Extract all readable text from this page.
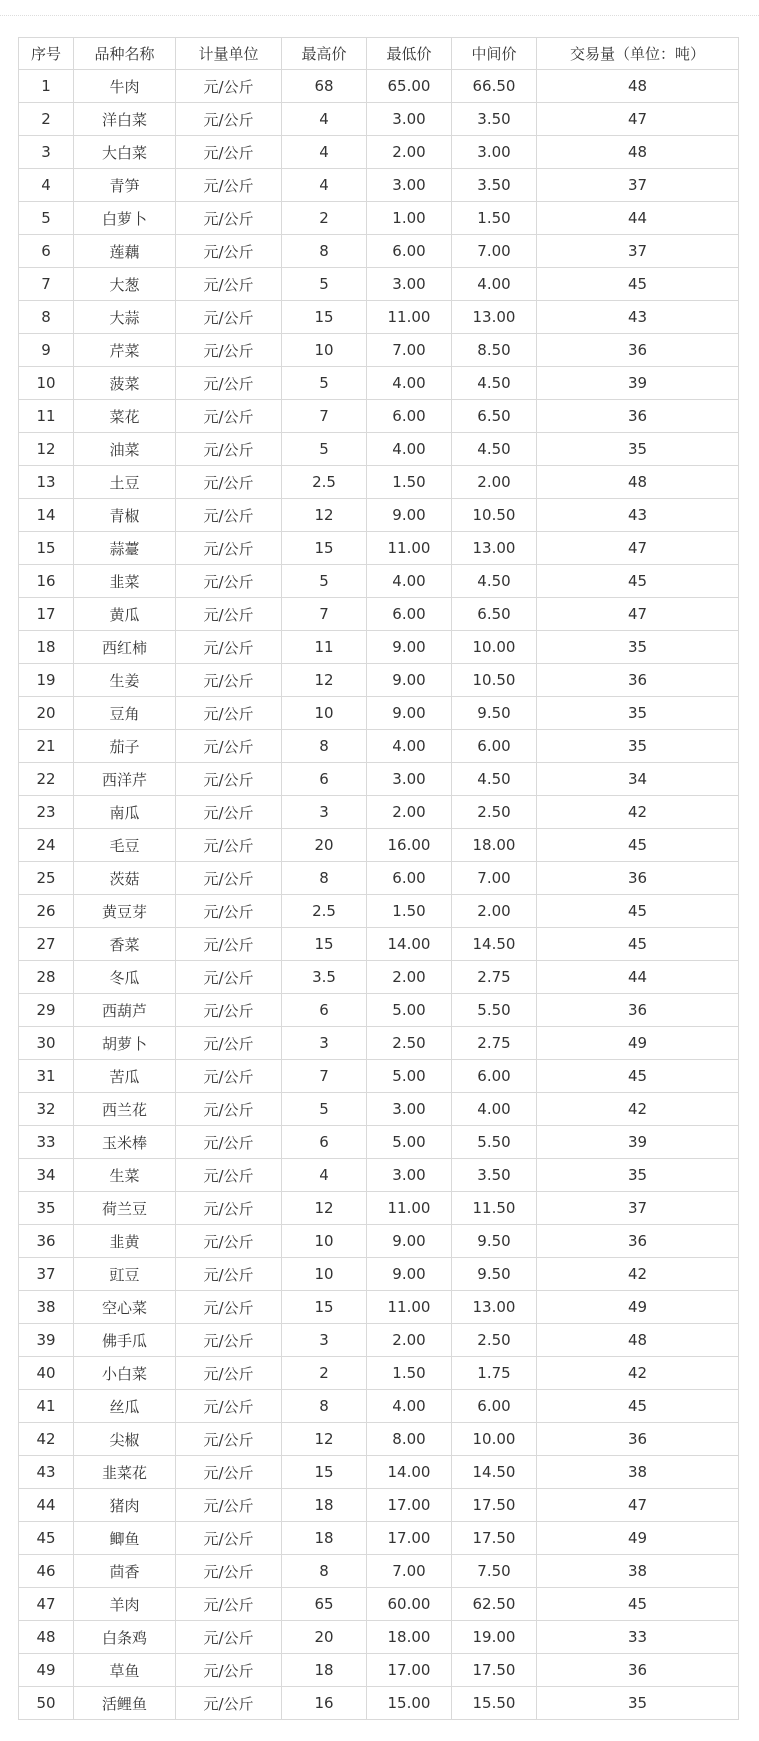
序号	品种名称	计量单位	最高价	最低价	中间价	交易量（单位：吨）
1	牛肉	元/公斤	68	65.00	66.50	48
2	洋白菜	元/公斤	4	3.00	3.50	47
3	大白菜	元/公斤	4	2.00	3.00	48
4	青笋	元/公斤	4	3.00	3.50	37
5	白萝卜	元/公斤	2	1.00	1.50	44
6	莲藕	元/公斤	8	6.00	7.00	37
7	大葱	元/公斤	5	3.00	4.00	45
8	大蒜	元/公斤	15	11.00	13.00	43
9	芹菜	元/公斤	10	7.00	8.50	36
10	菠菜	元/公斤	5	4.00	4.50	39
11	菜花	元/公斤	7	6.00	6.50	36
12	油菜	元/公斤	5	4.00	4.50	35
13	土豆	元/公斤	2.5	1.50	2.00	48
14	青椒	元/公斤	12	9.00	10.50	43
15	蒜薹	元/公斤	15	11.00	13.00	47
16	韭菜	元/公斤	5	4.00	4.50	45
17	黄瓜	元/公斤	7	6.00	6.50	47
18	西红柿	元/公斤	11	9.00	10.00	35
19	生姜	元/公斤	12	9.00	10.50	36
20	豆角	元/公斤	10	9.00	9.50	35
21	茄子	元/公斤	8	4.00	6.00	35
22	西洋芹	元/公斤	6	3.00	4.50	34
23	南瓜	元/公斤	3	2.00	2.50	42
24	毛豆	元/公斤	20	16.00	18.00	45
25	茨菇	元/公斤	8	6.00	7.00	36
26	黄豆芽	元/公斤	2.5	1.50	2.00	45
27	香菜	元/公斤	15	14.00	14.50	45
28	冬瓜	元/公斤	3.5	2.00	2.75	44
29	西葫芦	元/公斤	6	5.00	5.50	36
30	胡萝卜	元/公斤	3	2.50	2.75	49
31	苦瓜	元/公斤	7	5.00	6.00	45
32	西兰花	元/公斤	5	3.00	4.00	42
33	玉米棒	元/公斤	6	5.00	5.50	39
34	生菜	元/公斤	4	3.00	3.50	35
35	荷兰豆	元/公斤	12	11.00	11.50	37
36	韭黄	元/公斤	10	9.00	9.50	36
37	豇豆	元/公斤	10	9.00	9.50	42
38	空心菜	元/公斤	15	11.00	13.00	49
39	佛手瓜	元/公斤	3	2.00	2.50	48
40	小白菜	元/公斤	2	1.50	1.75	42
41	丝瓜	元/公斤	8	4.00	6.00	45
42	尖椒	元/公斤	12	8.00	10.00	36
43	韭菜花	元/公斤	15	14.00	14.50	38
44	猪肉	元/公斤	18	17.00	17.50	47
45	鲫鱼	元/公斤	18	17.00	17.50	49
46	茴香	元/公斤	8	7.00	7.50	38
47	羊肉	元/公斤	65	60.00	62.50	45
48	白条鸡	元/公斤	20	18.00	19.00	33
49	草鱼	元/公斤	18	17.00	17.50	36
50	活鲤鱼	元/公斤	16	15.00	15.50	35
